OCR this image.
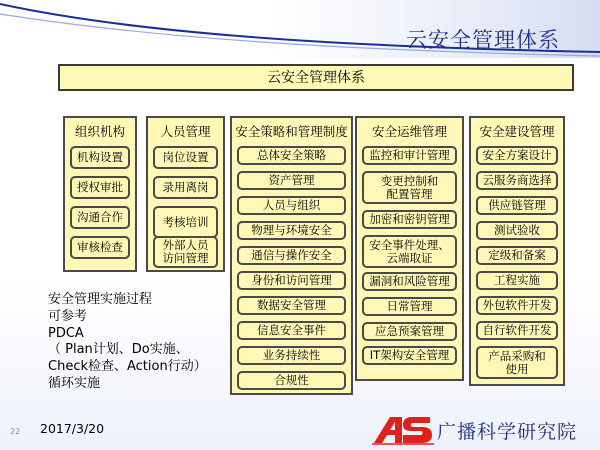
云安全管理体系
云安全管理体系
组织机构
机构设置
授权审批
沟通合作
审核检查
人员管理
岗位设置
录用离岗
考核培训
外部人员
访问管理
安全策略和管理制度
总体安全策略
资产管理
人员与组织
物理与环境安全
通信与操作安全
身份和访问管理
数据安全管理
信息安全事件
业务持续性
合规性
安全运维管理
监控和审计管理
变更控制和
配置管理
加密和密钥管理
安全事件处理、
云端取证
漏洞和风险管理
日常管理
应急预案管理
IT架构安全管理
安全建设管理
安全方案设计
云服务商选择
供应链管理
测试验收
定级和备案
工程实施
外包软件开发
自行软件开发
产品采购和
使用
安全管理实施过程
可参考
PDCA
（ Plan计划、Do实施、
Check检查、Action行动）
循环实施
22 2017/3/20	广播科学研究院
